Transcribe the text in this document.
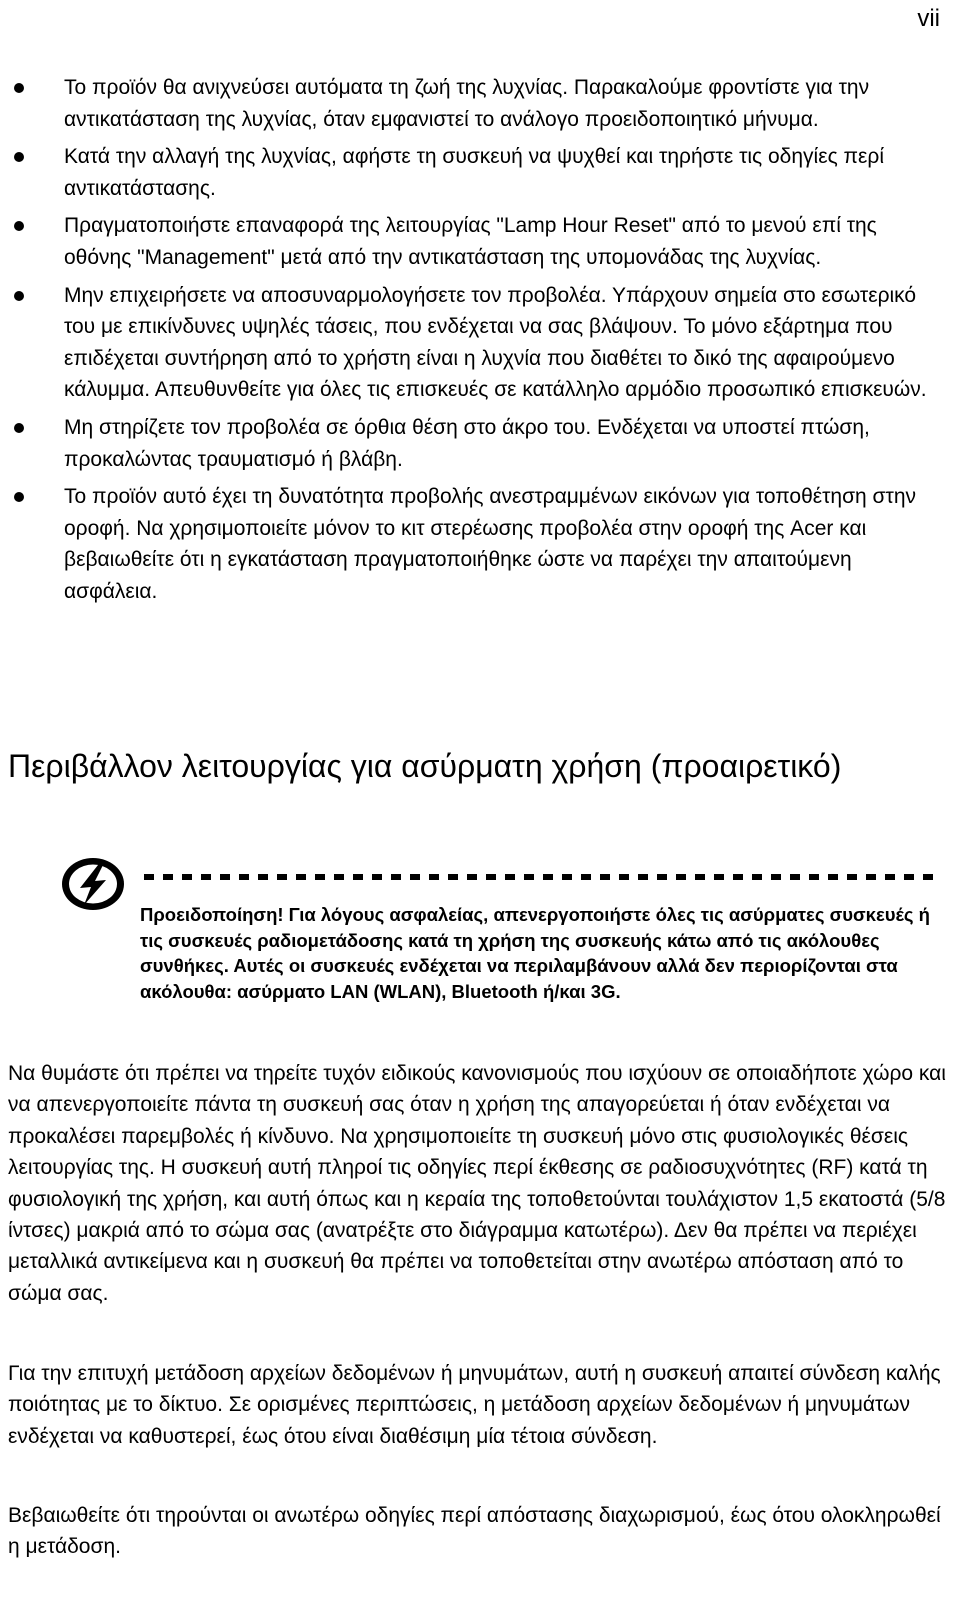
vii
Το προϊόν θα ανιχνεύσει αυτόματα τη ζωή της λυχνίας. Παρακαλούμε φροντίστε για την αντικατάσταση της λυχνίας, όταν εμφανιστεί το ανάλογο προειδοποιητικό μήνυμα.
Κατά την αλλαγή της λυχνίας, αφήστε τη συσκευή να ψυχθεί και τηρήστε τις οδηγίες περί αντικατάστασης.
Πραγματοποιήστε επαναφορά της λειτουργίας "Lamp Hour Reset" από το μενού επί της οθόνης "Management" μετά από την αντικατάσταση της υπομονάδας της λυχνίας.
Μην επιχειρήσετε να αποσυναρμολογήσετε τον προβολέα. Υπάρχουν σημεία στο εσωτερικό του με επικίνδυνες υψηλές τάσεις, που ενδέχεται να σας βλάψουν. Το μόνο εξάρτημα που επιδέχεται συντήρηση από το χρήστη είναι η λυχνία που διαθέτει το δικό της αφαιρούμενο κάλυμμα. Απευθυνθείτε για όλες τις επισκευές σε κατάλληλο αρμόδιο προσωπικό επισκευών.
Μη στηρίζετε τον προβολέα σε όρθια θέση στο άκρο του. Ενδέχεται να υποστεί πτώση, προκαλώντας τραυματισμό ή βλάβη.
Το προϊόν αυτό έχει τη δυνατότητα προβολής ανεστραμμένων εικόνων για τοποθέτηση στην οροφή. Να χρησιμοποιείτε μόνον το κιτ στερέωσης προβολέα στην οροφή της Acer και βεβαιωθείτε ότι η εγκατάσταση πραγματοποιήθηκε ώστε να παρέχει την απαιτούμενη ασφάλεια.
Περιβάλλον λειτουργίας για ασύρματη χρήση (προαιρετικό)

Προειδοποίηση! Για λόγους ασφαλείας, απενεργοποιήστε όλες τις ασύρματες συσκευές ή τις συσκευές ραδιομετάδοσης κατά τη χρήση της συσκευής κάτω από τις ακόλουθες συνθήκες. Αυτές οι συσκευές ενδέχεται να περιλαμβάνουν αλλά δεν περιορίζονται στα ακόλουθα: ασύρματο LAN (WLAN), Bluetooth ή/και 3G.

Να θυμάστε ότι πρέπει να τηρείτε τυχόν ειδικούς κανονισμούς που ισχύουν σε οποιαδήποτε χώρο και να απενεργοποιείτε πάντα τη συσκευή σας όταν η χρήση της απαγορεύεται ή όταν ενδέχεται να προκαλέσει παρεμβολές ή κίνδυνο. Να χρησιμοποιείτε τη συσκευή μόνο στις φυσιολογικές θέσεις λειτουργίας της. Η συσκευή αυτή πληροί τις οδηγίες περί έκθεσης σε ραδιοσυχνότητες (RF) κατά τη φυσιολογική της χρήση, και αυτή όπως και η κεραία της τοποθετούνται τουλάχιστον 1,5 εκατοστά (5/8 ίντσες) μακριά από το σώμα σας (ανατρέξτε στο διάγραμμα κατωτέρω). Δεν θα πρέπει να περιέχει μεταλλικά αντικείμενα και η συσκευή θα πρέπει να τοποθετείται στην ανωτέρω απόσταση από το σώμα σας.

Για την επιτυχή μετάδοση αρχείων δεδομένων ή μηνυμάτων, αυτή η συσκευή απαιτεί σύνδεση καλής ποιότητας με το δίκτυο. Σε ορισμένες περιπτώσεις, η μετάδοση αρχείων δεδομένων ή μηνυμάτων ενδέχεται να καθυστερεί, έως ότου είναι διαθέσιμη μία τέτοια σύνδεση.

Βεβαιωθείτε ότι τηρούνται οι ανωτέρω οδηγίες περί απόστασης διαχωρισμού, έως ότου ολοκληρωθεί η μετάδοση.
